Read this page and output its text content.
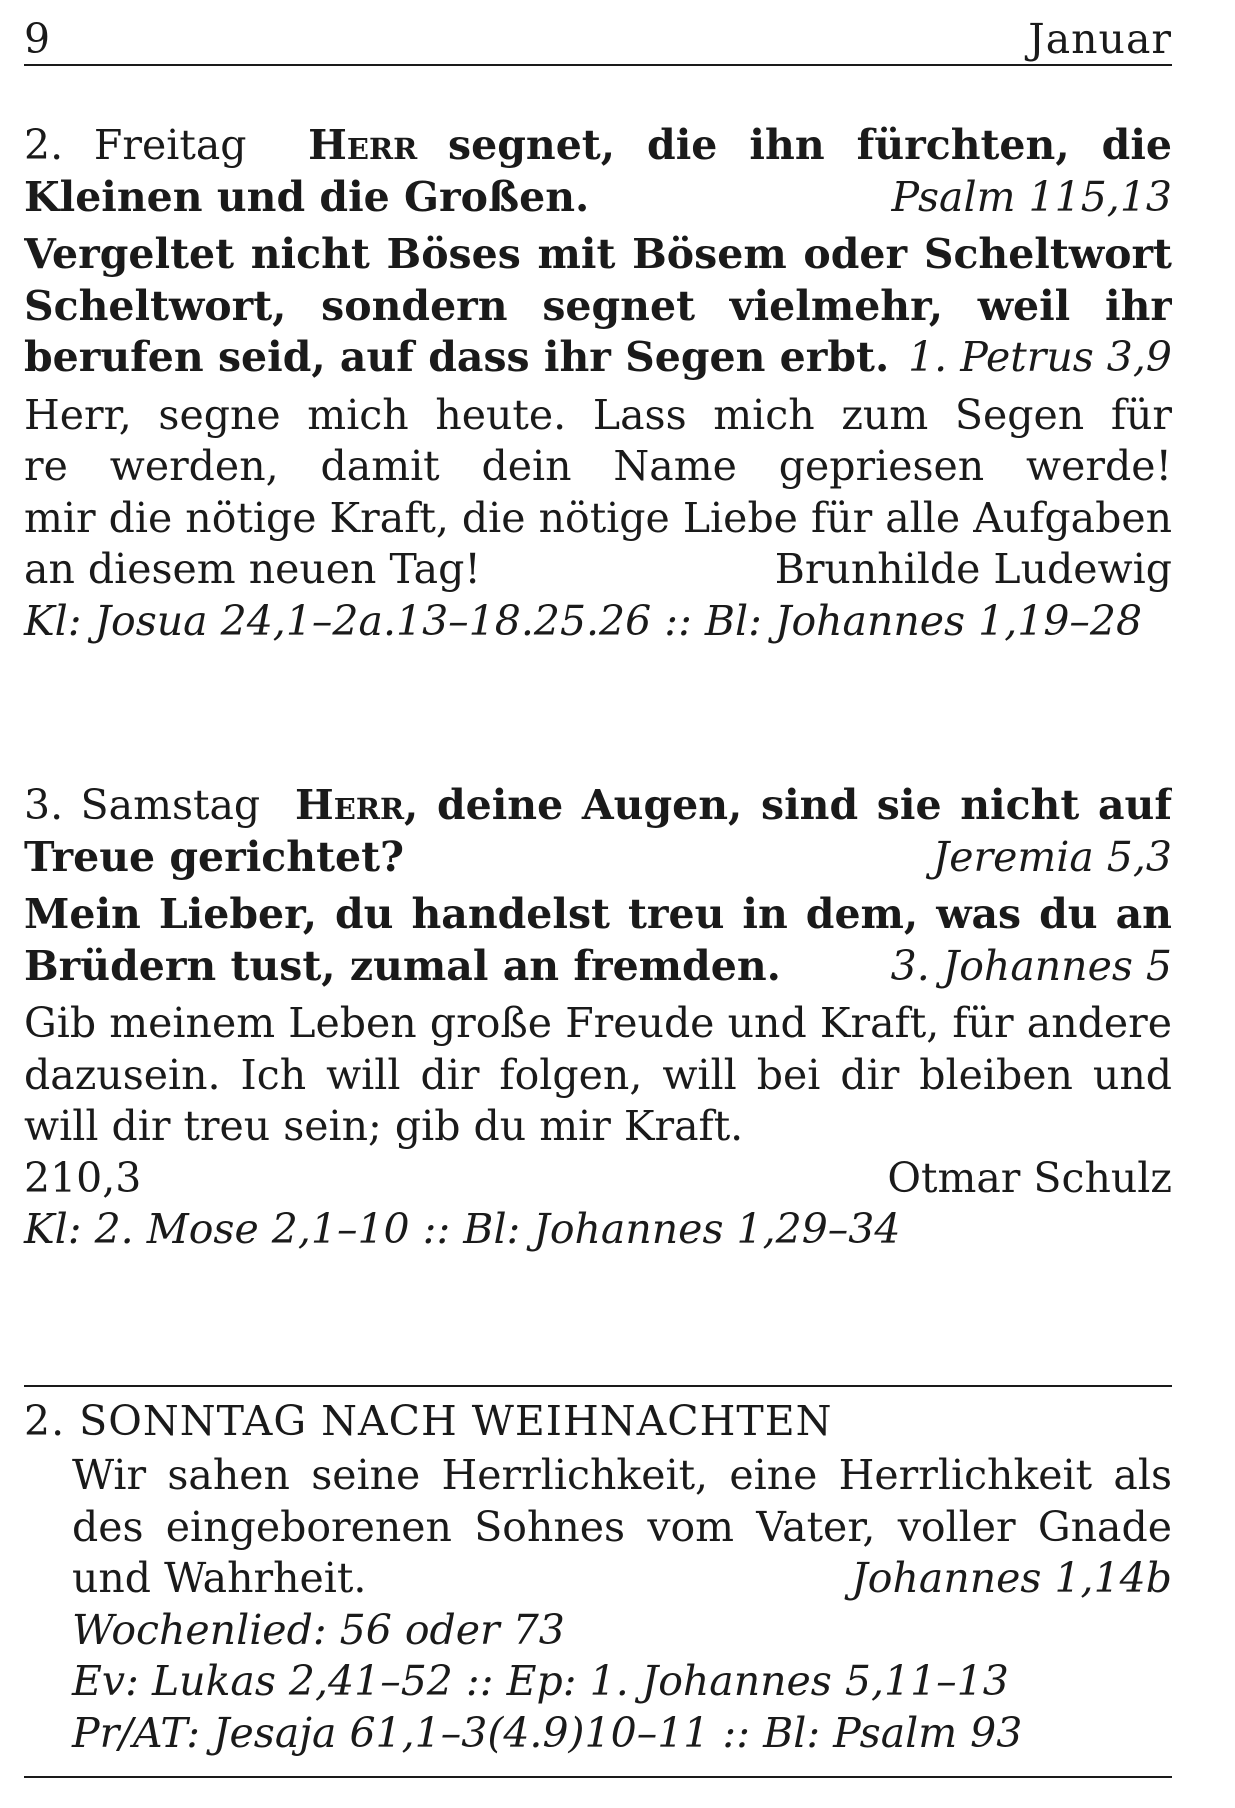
9	Januar
2. Freitag Herr segnet, die ihn fürchten, die
Kleinen und die Großen.	Psalm 115,13
Vergeltet nicht Böses mit Bösem oder Scheltwort
Scheltwort, sondern segnet vielmehr, weil ihr
berufen seid, auf dass ihr Segen erbt. 1. Petrus 3,9
Herr, segne mich heute. Lass mich zum Segen für
re werden, damit dein Name gepriesen werde!
mir die nötige Kraft, die nötige Liebe für alle Aufgaben
an diesem neuen Tag!	Brunhilde Ludewig
Kl: Josua 24,1–2a.13–18.25.26 :: Bl: Johannes 1,19–28
3. Samstag Herr, deine Augen, sind sie nicht auf
Treue gerichtet?	Jeremia 5,3
Mein Lieber, du handelst treu in dem, was du an
Brüdern tust, zumal an fremden.	3. Johannes 5
Gib meinem Leben große Freude und Kraft, für andere
dazusein. Ich will dir folgen, will bei dir bleiben und
will dir treu sein; gib du mir Kraft.
210,3	Otmar Schulz
Kl: 2. Mose 2,1–10 :: Bl: Johannes 1,29–34
2. SONNTAG NACH WEIHNACHTEN
Wir sahen seine Herrlichkeit, eine Herrlichkeit als
des eingeborenen Sohnes vom Vater, voller Gnade
und Wahrheit.	Johannes 1,14b
Wochenlied: 56 oder 73
Ev: Lukas 2,41–52 :: Ep: 1. Johannes 5,11–13
Pr/AT: Jesaja 61,1–3(4.9)10–11 :: Bl: Psalm 93
